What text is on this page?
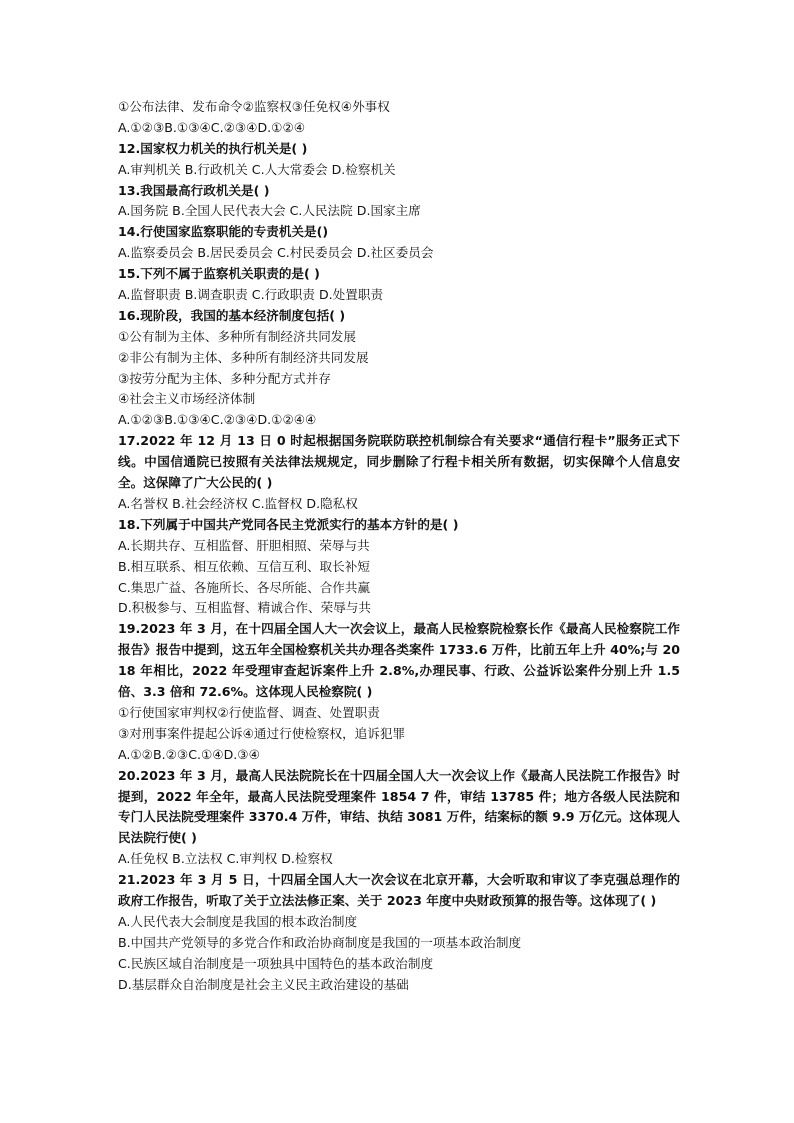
①公布法律、发布命令②监察权③任免权④外事权
A.①②③B.①③④C.②③④D.①②④
12.国家权力机关的执行机关是( )
A.审判机关 B.行政机关 C.人大常委会 D.检察机关
13.我国最高行政机关是( )
A.国务院 B.全国人民代表大会 C.人民法院 D.国家主席
14.行使国家监察职能的专责机关是()
A.监察委员会 B.居民委员会 C.村民委员会 D.社区委员会
15.下列不属于监察机关职责的是( )
A.监督职责 B.调查职责 C.行政职责 D.处置职责
16.现阶段，我国的基本经济制度包括( )
①公有制为主体、多种所有制经济共同发展
②非公有制为主体、多种所有制经济共同发展
③按劳分配为主体、多种分配方式并存
④社会主义市场经济体制
A.①②③B.①③④C.②③④D.①②④④
17.2022 年 12 月 13 日 0 时起根据国务院联防联控机制综合有关要求“通信行程卡”服务正式下线。中国信通院已按照有关法律法规规定，同步删除了行程卡相关所有数据，切实保障个人信息安全。这保障了广大公民的( )
A.名誉权 B.社会经济权 C.监督权 D.隐私权
18.下列属于中国共产党同各民主党派实行的基本方针的是( )
A.长期共存、互相监督、肝胆相照、荣辱与共
B.相互联系、相互依赖、互信互利、取长补短
C.集思广益、各施所长、各尽所能、合作共赢
D.积极参与、互相监督、精诚合作、荣辱与共
19.2023 年 3 月，在十四届全国人大一次会议上，最高人民检察院检察长作《最高人民检察院工作报告》报告中提到，这五年全国检察机关共办理各类案件 1733.6 万件，比前五年上升 40%;与 2018 年相比，2022 年受理审查起诉案件上升 2.8%,办理民事、行政、公益诉讼案件分别上升 1.5 倍、3.3 倍和 72.6%。这体现人民检察院( )
①行使国家审判权②行使监督、调查、处置职责
③对刑事案件提起公诉④通过行使检察权，追诉犯罪
A.①②B.②③C.①④D.③④
20.2023 年 3 月，最高人民法院院长在十四届全国人大一次会议上作《最高人民法院工作报告》时提到，2022 年全年，最高人民法院受理案件 1854 7 件，审结 13785 件；地方各级人民法院和专门人民法院受理案件 3370.4 万件，审结、执结 3081 万件，结案标的额 9.9 万亿元。这体现人民法院行使( )
A.任免权 B.立法权 C.审判权 D.检察权
21.2023 年 3 月 5 日，十四届全国人大一次会议在北京开幕，大会听取和审议了李克强总理作的政府工作报告，听取了关于立法法修正案、关于 2023 年度中央财政预算的报告等。这体现了( )
A.人民代表大会制度是我国的根本政治制度
B.中国共产党领导的多党合作和政治协商制度是我国的一项基本政治制度
C.民族区域自治制度是一项独具中国特色的基本政治制度
D.基层群众自治制度是社会主义民主政治建设的基础
